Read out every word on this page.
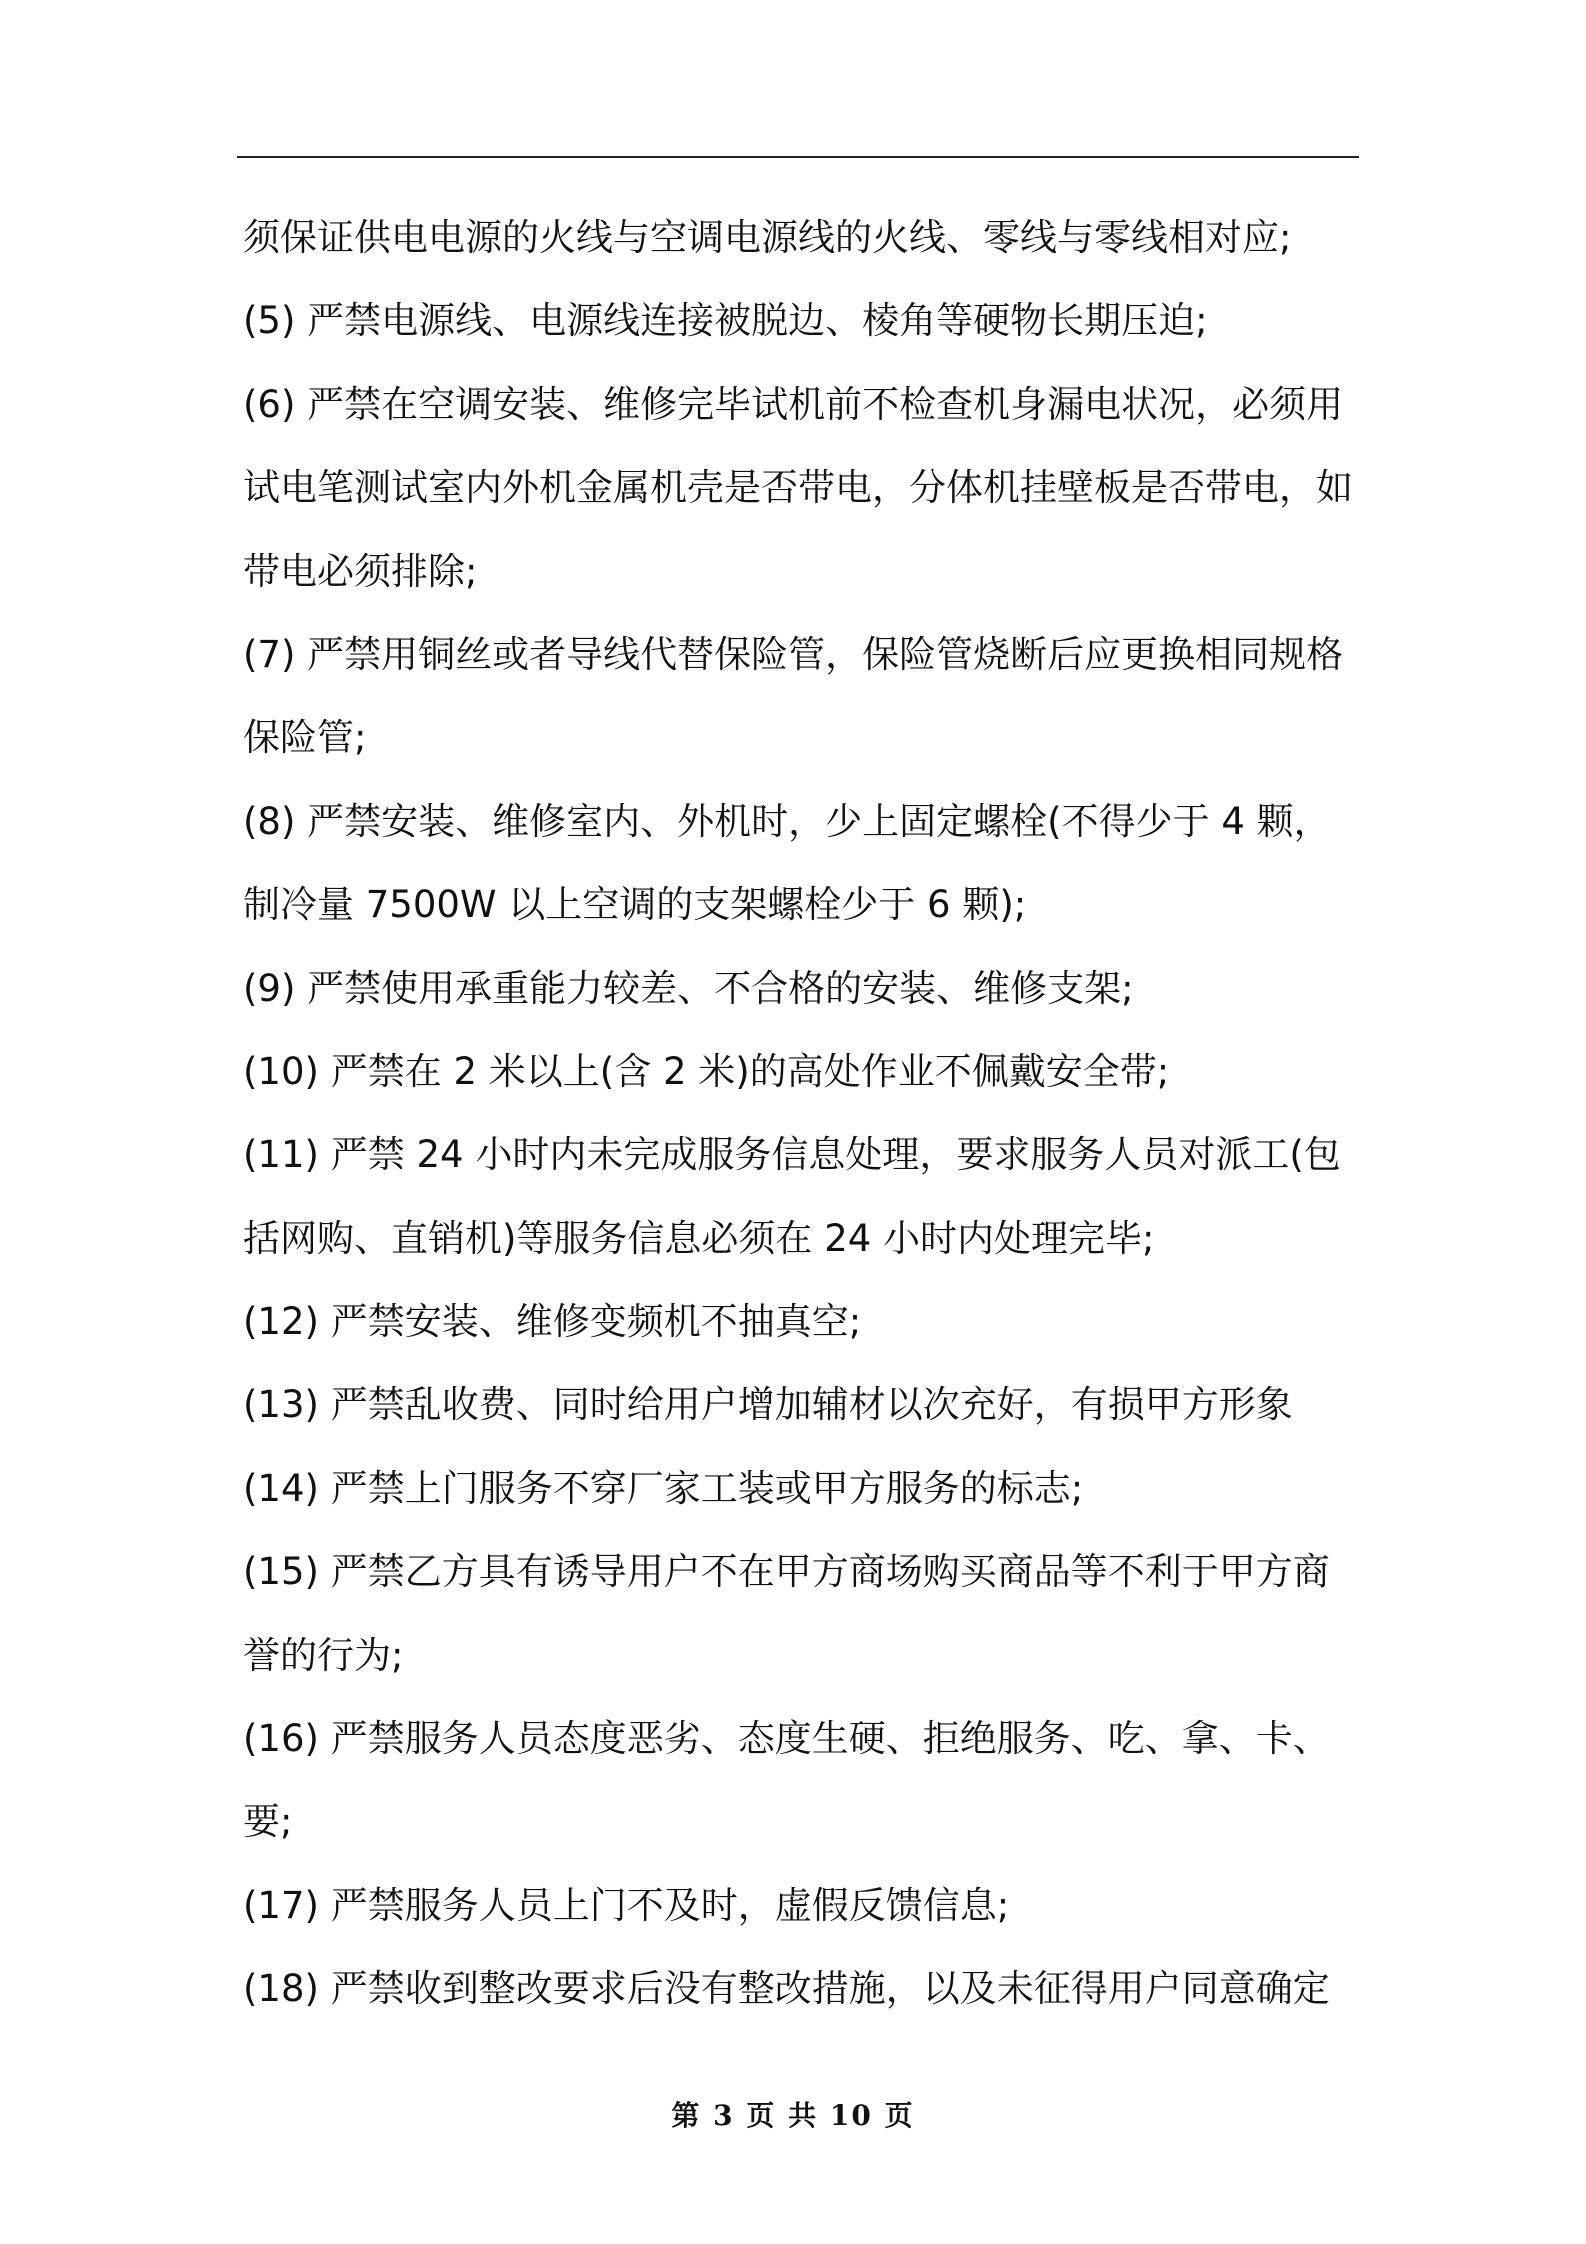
须保证供电电源的火线与空调电源线的火线、零线与零线相对应;
(5) 严禁电源线、电源线连接被脱边、棱角等硬物长期压迫;
(6) 严禁在空调安装、维修完毕试机前不检查机身漏电状况，必须用
试电笔测试室内外机金属机壳是否带电，分体机挂壁板是否带电，如
带电必须排除;
(7) 严禁用铜丝或者导线代替保险管，保险管烧断后应更换相同规格
保险管;
(8) 严禁安装、维修室内、外机时，少上固定螺栓(不得少于 4 颗，
制冷量 7500W 以上空调的支架螺栓少于 6 颗);
(9) 严禁使用承重能力较差、不合格的安装、维修支架;
(10) 严禁在 2 米以上(含 2 米)的高处作业不佩戴安全带;
(11) 严禁 24 小时内未完成服务信息处理，要求服务人员对派工(包
括网购、直销机)等服务信息必须在 24 小时内处理完毕;
(12) 严禁安装、维修变频机不抽真空;
(13) 严禁乱收费、同时给用户增加辅材以次充好，有损甲方形象
(14) 严禁上门服务不穿厂家工装或甲方服务的标志;
(15) 严禁乙方具有诱导用户不在甲方商场购买商品等不利于甲方商
誉的行为;
(16) 严禁服务人员态度恶劣、态度生硬、拒绝服务、吃、拿、卡、
要;
(17) 严禁服务人员上门不及时，虚假反馈信息;
(18) 严禁收到整改要求后没有整改措施，以及未征得用户同意确定
第 3 页 共 10 页
